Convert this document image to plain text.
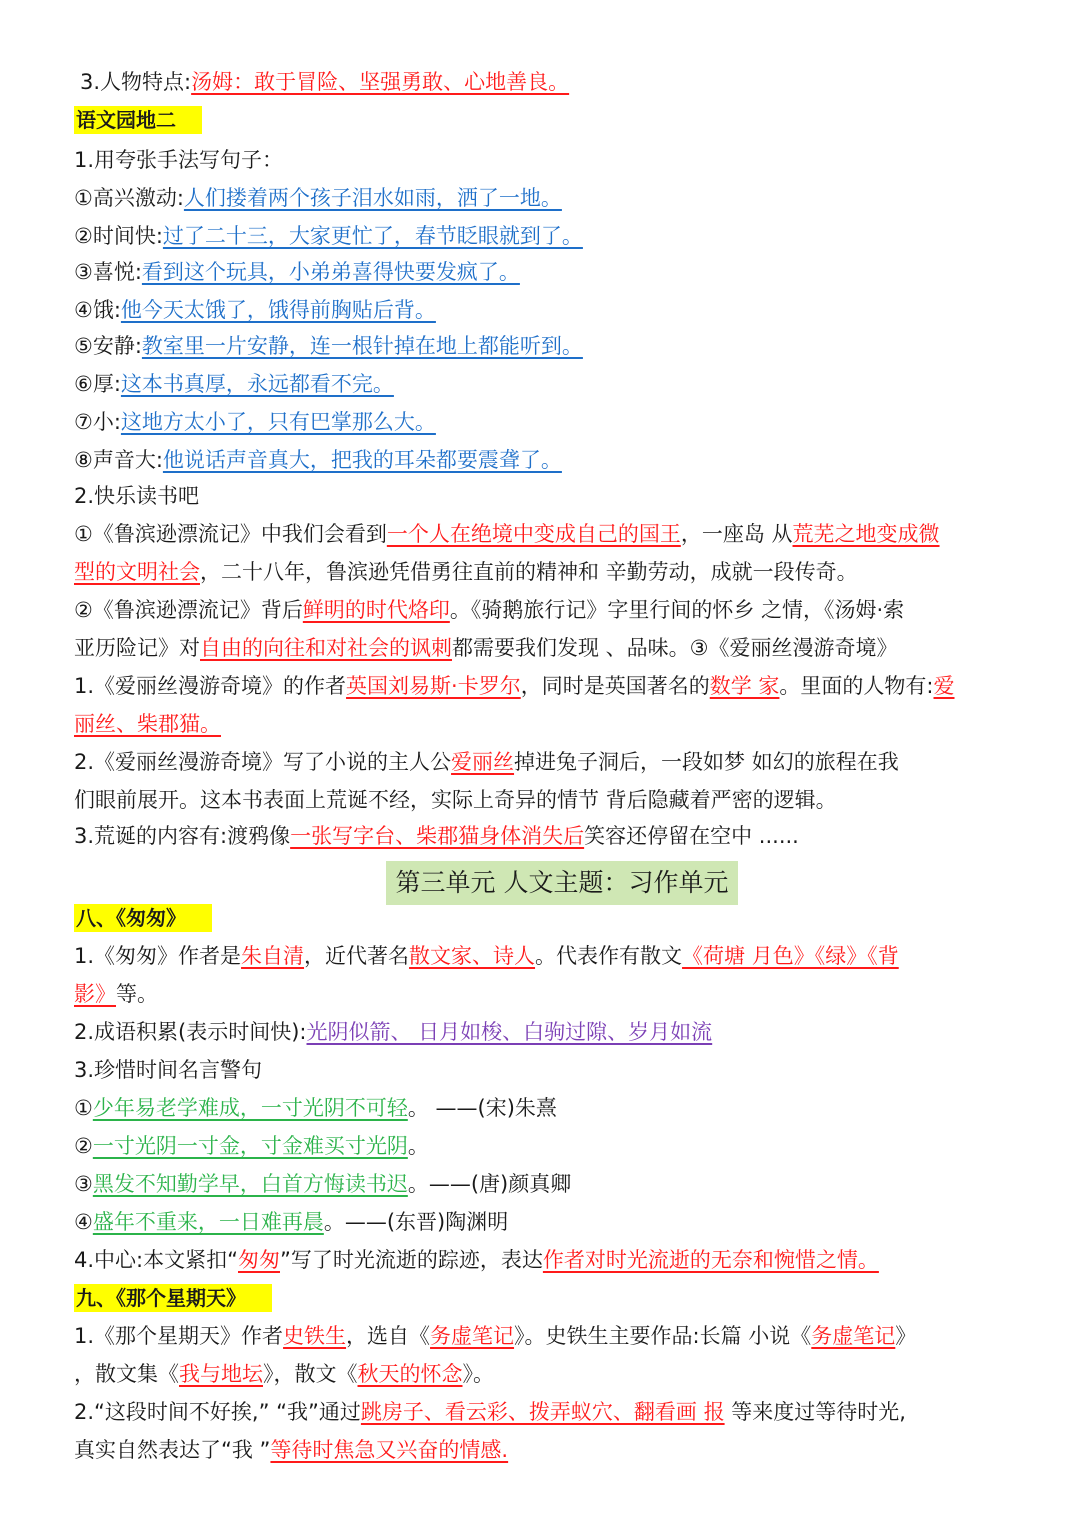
第三单元 人文主题：习作单元
3.人物特点:汤姆：敢于冒险、坚强勇敢、心地善良。
语文园地二
1.用夸张手法写句子：
①高兴激动:人们搂着两个孩子泪水如雨，洒了一地。
②时间快:过了二十三，大家更忙了，春节眨眼就到了。
③喜悦:看到这个玩具，小弟弟喜得快要发疯了。
④饿:他今天太饿了，饿得前胸贴后背。
⑤安静:教室里一片安静，连一根针掉在地上都能听到。
⑥厚:这本书真厚，永远都看不完。
⑦小:这地方太小了，只有巴掌那么大。
⑧声音大:他说话声音真大，把我的耳朵都要震聋了。
2.快乐读书吧
①《鲁滨逊漂流记》中我们会看到一个人在绝境中变成自己的国王，一座岛 从荒芜之地变成微
型的文明社会，二十八年，鲁滨逊凭借勇往直前的精神和 辛勤劳动，成就一段传奇。
②《鲁滨逊漂流记》背后鲜明的时代烙印。《骑鹅旅行记》字里行间的怀乡 之情，《汤姆·索
亚历险记》对自由的向往和对社会的讽刺都需要我们发现 、品味。③《爱丽丝漫游奇境》
1.《爱丽丝漫游奇境》的作者英国刘易斯·卡罗尔，同时是英国著名的数学 家。里面的人物有:爱
丽丝、柴郡猫。
2.《爱丽丝漫游奇境》写了小说的主人公爱丽丝掉进兔子洞后，一段如梦 如幻的旅程在我
们眼前展开。这本书表面上荒诞不经，实际上奇异的情节 背后隐藏着严密的逻辑。
3.荒诞的内容有:渡鸦像一张写字台、柴郡猫身体消失后笑容还停留在空中 ......
八、《匆匆》
1.《匆匆》作者是朱自清，近代著名散文家、诗人。代表作有散文《荷塘 月色》《绿》《背
影》等。
2.成语积累(表示时间快):光阴似箭、 日月如梭、白驹过隙、岁月如流
3.珍惜时间名言警句
①少年易老学难成，一寸光阴不可轻。 ——(宋)朱熹
②一寸光阴一寸金，寸金难买寸光阴。
③黑发不知勤学早，白首方悔读书迟。——(唐)颜真卿
④盛年不重来，一日难再晨。——(东晋)陶渊明
4.中心:本文紧扣“匆匆”写了时光流逝的踪迹，表达作者对时光流逝的无奈和惋惜之情。
九、《那个星期天》
1.《那个星期天》作者史铁生，选自《务虚笔记》。史铁生主要作品:长篇 小说《务虚笔记》
，散文集《我与地坛》，散文《秋天的怀念》。
2.“这段时间不好挨,” “我”通过跳房子、看云彩、拨弄蚁穴、翻看画 报 等来度过等待时光,
真实自然表达了“我 ”等待时焦急又兴奋的情感.
